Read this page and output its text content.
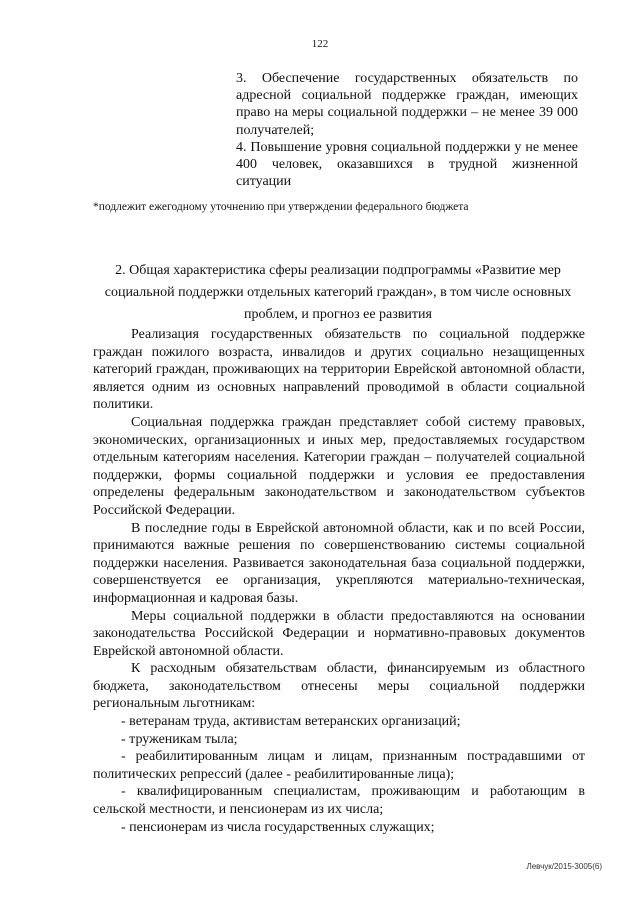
122

3. Обеспечение государственных обязательств по адресной социальной поддержке граждан, имеющих право на меры социальной поддержки – не менее 39 000 получателей;

4. Повышение уровня социальной поддержки у не менее 400 человек, оказавшихся в трудной жизненной ситуации

*подлежит ежегодному уточнению при утверждении федерального бюджета
2. Общая характеристика сферы реализации подпрограммы «Развитие мер социальной поддержки отдельных категорий граждан», в том числе основных проблем, и прогноз ее развития

Реализация государственных обязательств по социальной поддержке граждан пожилого возраста, инвалидов и других социально незащищенных категорий граждан, проживающих на территории Еврейской автономной области, является одним из основных направлений проводимой в области социальной политики.

Социальная поддержка граждан представляет собой систему правовых, экономических, организационных и иных мер, предоставляемых государством отдельным категориям населения. Категории граждан – получателей социальной поддержки, формы социальной поддержки и условия ее предоставления определены федеральным законодательством и законодательством субъектов Российской Федерации.

В последние годы в Еврейской автономной области, как и по всей России, принимаются важные решения по совершенствованию системы социальной поддержки населения. Развивается законодательная база социальной поддержки, совершенствуется ее организация, укрепляются материально-техническая, информационная и кадровая базы.

Меры социальной поддержки в области предоставляются на основании законодательства Российской Федерации и нормативно-правовых документов Еврейской автономной области.

К расходным обязательствам области, финансируемым из областного бюджета, законодательством отнесены меры социальной поддержки региональным льготникам:

- ветеранам труда, активистам ветеранских организаций;

- труженикам тыла;

- реабилитированным лицам и лицам, признанным пострадавшими от политических репрессий (далее - реабилитированные лица);

- квалифицированным специалистам, проживающим и работающим в сельской местности, и пенсионерам из их числа;

- пенсионерам из числа государственных служащих;

Левчук/2015-3005(6)
